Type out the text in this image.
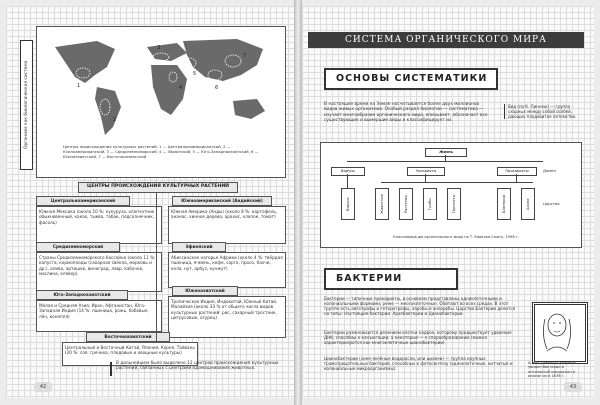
Организм как биологическая система	1
2
3
4
5
6
7
Центры происхождения культурных растений: 1 — Центральноамериканский, 2 — Южноамериканский, 3 — Средиземноморский, 4 — Эфиопский, 5 — Юго-Западноазиатский, 6 — Южноазиатский, 7 — Восточноазиатский
ЦЕНТРЫ ПРОИСХОЖДЕНИЯ КУЛЬТУРНЫХ РАСТЕНИЙ
Центральноамериканский
Южная Мексика (около 10 %: кукуруза, хлопчатник обыкновенный, какао, тыква, табак, подсолнечник, фасоль)
Южноамериканский (Андийский)
Южная Америка (Анды) (около 8 %: картофель, ананас, хинное дерево, арахис, хлопок, томат)
Средиземноморский
Страны Средиземноморского бассейна (около 11 %: капуста, кормоплоды (сахарная свёкла, морковь и др.), олива, артишок, виноград, лавр, кабачок, маслина, клевер)
Эфиопский
Абиссинское нагорье Африки (около 4 %: твёрдая пшеница, ячмень, кофе, сорго, просо, бахчи, кола, нут, арбуз, кунжут)
Юго-Западноазиатский
Малая и Средняя Азия, Иран, Афганистан, Юго-Западная Индия (14 %: пшеница, рожь, бобовые, лён, конопля)
Южноазиатский
Тропическая Индия, Индокитай, Южный Китай, Малайзия (около 33 % от общего числа видов культурных растений: рис, сахарный тростник, цитрусовые, огурец)
Восточноазиатский
Центральный и Восточный Китай, Япония, Корея, Тайвань (20 %: соя, гречиха, плодовые и овощные культуры)
В дальнейшем было выделено 12 центров происхождения культурных растений, связанных с центрами одомашнивания животных.
42
СИСТЕМА ОРГАНИЧЕСКОГО МИРА
ОСНОВЫ СИСТЕМАТИКИ
В настоящее время на Земле насчитывается более двух миллионов видов живых организмов. Особый раздел биологии — систематика — изучает многообразие органического мира, описывает, обозначает все существующие и вымершие виды и классифицирует их.
Вид (по К. Линнею) — группа сходных между собой особей, дающих плодовитое потомство.
Жизнь
Вирусы	Эукариоты	Прокариоты	Домен
Вирусы	Животные	Растения	Грибы	Протисты	Бактерии	Археи	Царство
Классификация органического мира по Т. Кавалье-Смиту, 1998 г.
БАКТЕРИИ
Бактерии — типичные прокариоты, в основном представлены одноклеточными и колониальными формами, реже — многоклеточные. Обитают во всех средах. В этот группе есть автотрофы и гетеротрофы, аэробы и анаэробы. Царство Бактерии делится на типы: Настоящие бактерии, Архебактерии и Цианобактерии.
Бактерии размножаются делением клетки надвое, которому предшествует удвоение ДНК, способны к конъюгации, а некоторые — к спорообразованию (можно характеризуются как многоклеточные цианобактерии).
Цианобактерии (сине-зелёные водоросли, или цианеи) — группа крупных грамотрицательных бактерий, способных к фотосинтезу (одноклеточные, нитчатые и колониальные микроорганизмы).
А. ван Левенгук впервые увидел бактерии в оптический микроскоп и описал их в 1676 г.
43
